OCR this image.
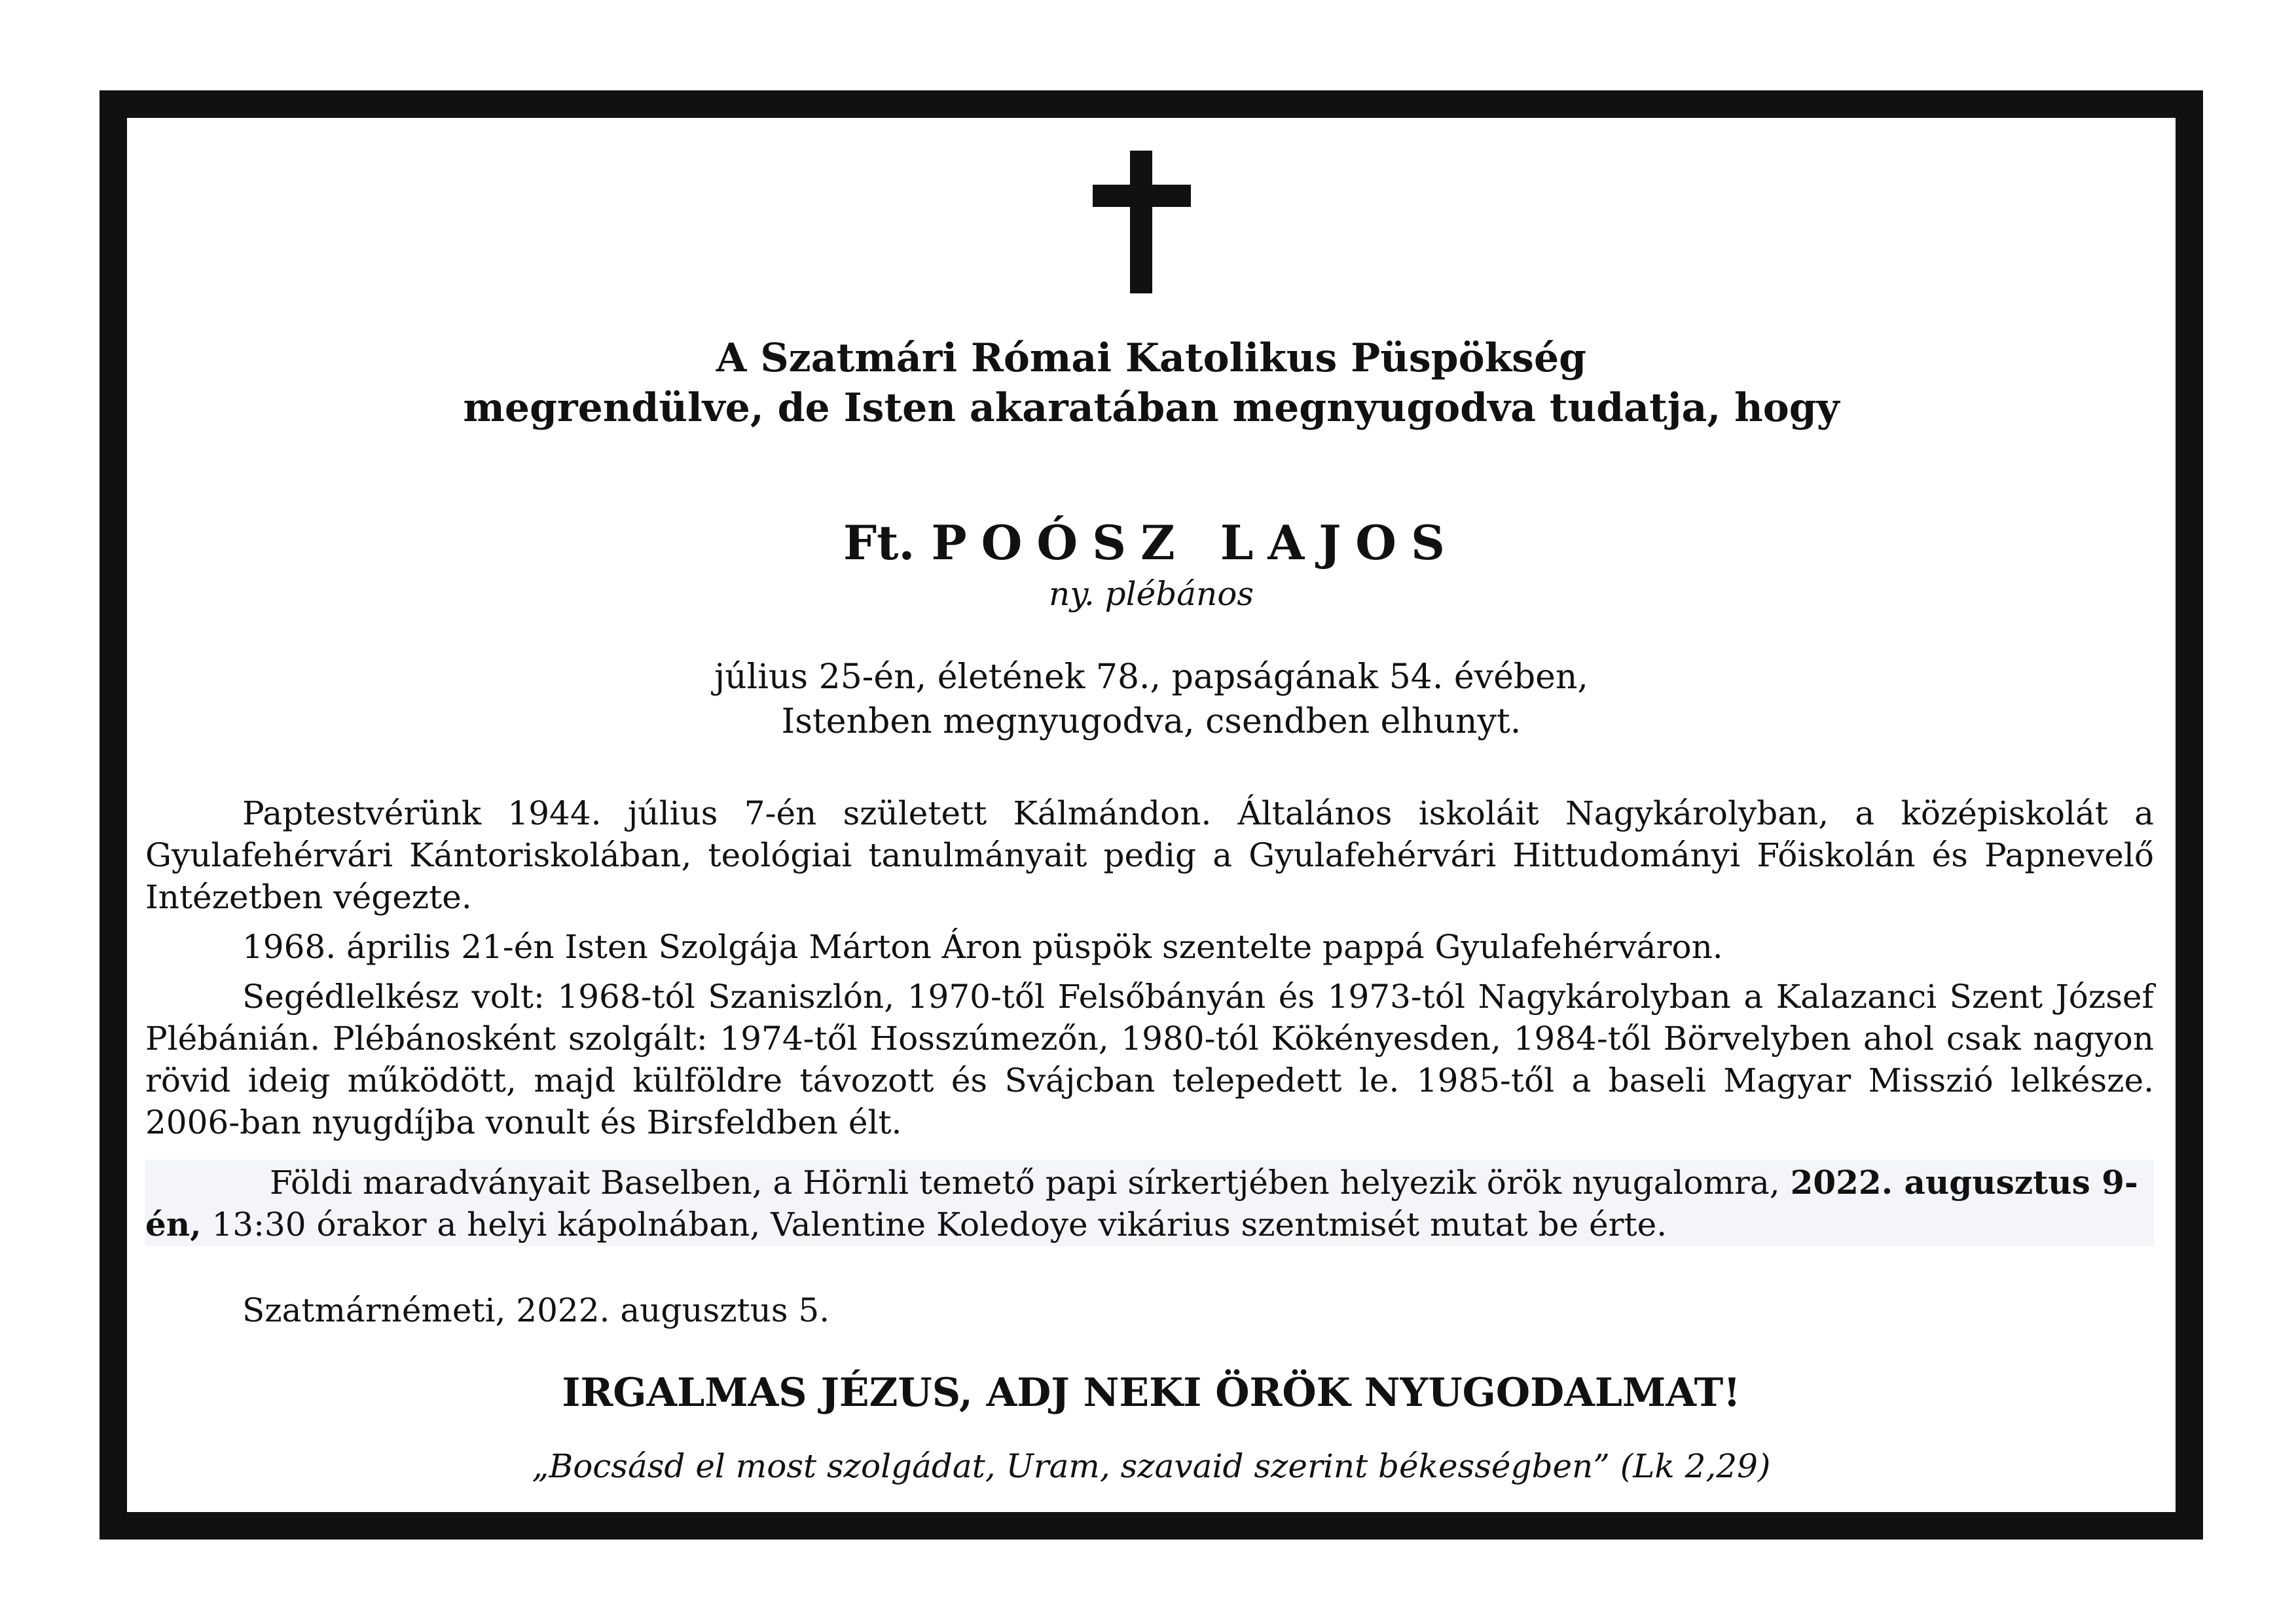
A Szatmári Római Katolikus Püspökség
megrendülve, de Isten akaratában megnyugodva tudatja, hogy
Ft. POÓSZ LAJOS
ny. plébános
július 25-én, életének 78., papságának 54. évében,
Istenben megnyugodva, csendben elhunyt.

Paptestvérünk 1944. július 7-én született Kálmándon. Általános iskoláit Nagykárolyban, a középiskolát a Gyulafehérvári Kántoriskolában, teológiai tanulmányait pedig a Gyulafehérvári Hittudományi Főiskolán és Papnevelő Intézetben végezte.

1968. április 21-én Isten Szolgája Márton Áron püspök szentelte pappá Gyulafehérváron.

Segédlelkész volt: 1968-tól Szaniszlón, 1970-től Felsőbányán és 1973-tól Nagykárolyban a Kalazanci Szent József Plébánián. Plébánosként szolgált: 1974-től Hosszúmezőn, 1980-tól Kökényesden, 1984-től Börvelyben ahol csak nagyon rövid ideig működött, majd külföldre távozott és Svájcban telepedett le. 1985-től a baseli Magyar Misszió lelkésze. 2006-ban nyugdíjba vonult és Birsfeldben élt.

Földi maradványait Baselben, a Hörnli temető papi sírkertjében helyezik örök nyugalomra, 2022. augusztus 9-én, 13:30 órakor a helyi kápolnában, Valentine Koledoye vikárius szentmisét mutat be érte.
Szatmárnémeti, 2022. augusztus 5.
IRGALMAS JÉZUS, ADJ NEKI ÖRÖK NYUGODALMAT!
„Bocsásd el most szolgádat, Uram, szavaid szerint békességben” (Lk 2,29)
